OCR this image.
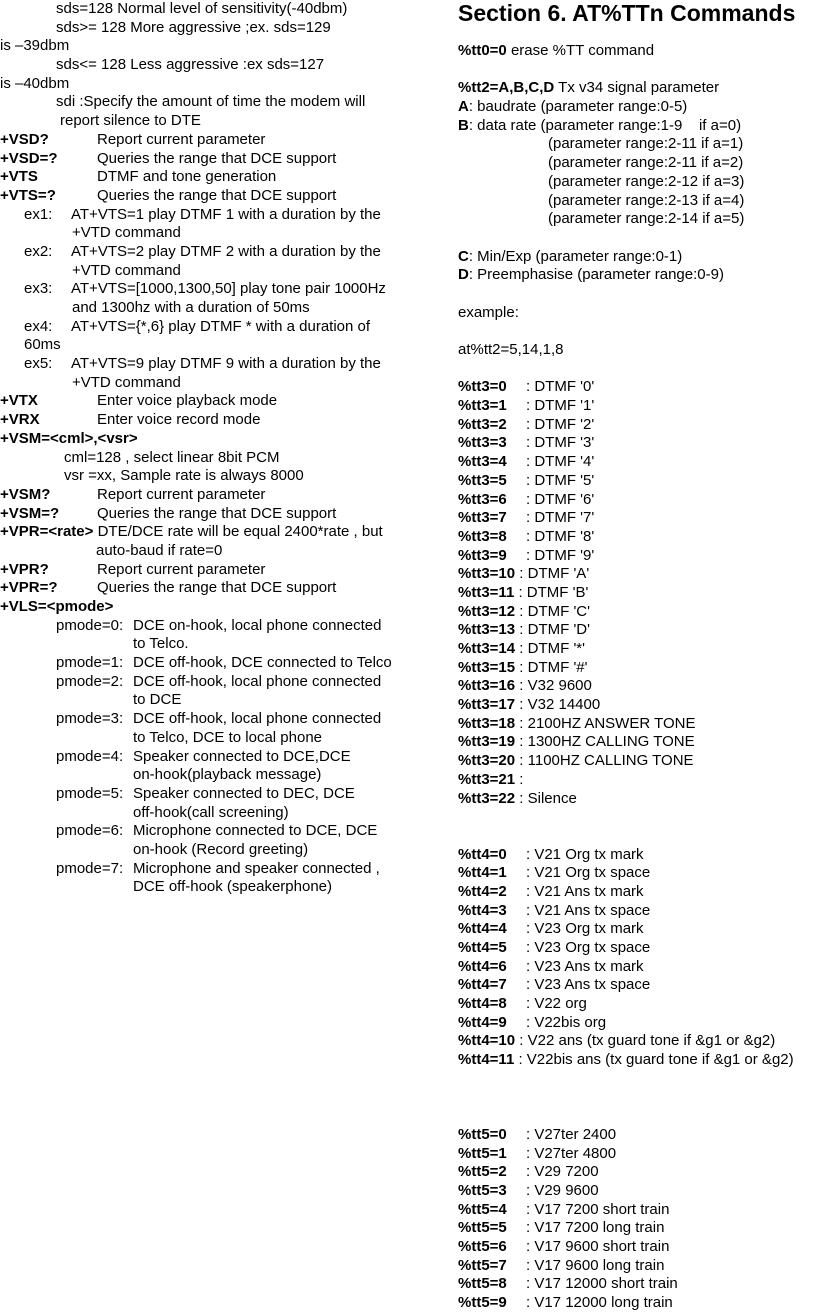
sds=128 Normal level of sensitivity(-40dbm)
sds>= 128 More aggressive ;ex. sds=129
is –39dbm
sds<= 128 Less aggressive :ex sds=127
is –40dbm
sdi :Specify the amount of time the modem will
report silence to DTE
+VSD?	Report current parameter
+VSD=?	Queries the range that DCE support
+VTS	DTMF and tone generation
+VTS=?	Queries the range that DCE support
ex1: AT+VTS=1 play DTMF 1 with a duration by the
+VTD command
ex2: AT+VTS=2 play DTMF 2 with a duration by the
+VTD command
ex3: AT+VTS=[1000,1300,50] play tone pair 1000Hz
and 1300hz with a duration of 50ms
ex4: AT+VTS={*,6} play DTMF * with a duration of
60ms
ex5: AT+VTS=9 play DTMF 9 with a duration by the
+VTD command
+VTX	Enter voice playback mode
+VRX	Enter voice record mode
+VSM=<cml>,<vsr>
cml=128 , select linear 8bit PCM
vsr =xx, Sample rate is always 8000
+VSM?	Report current parameter
+VSM=?	Queries the range that DCE support
+VPR=<rate> DTE/DCE rate will be equal 2400*rate , but
auto-baud if rate=0
+VPR?	Report current parameter
+VPR=?	Queries the range that DCE support
+VLS=<pmode>
pmode=0: DCE on-hook, local phone connected
to Telco.
pmode=1: DCE off-hook, DCE connected to Telco
pmode=2: DCE off-hook, local phone connected
to DCE
pmode=3: DCE off-hook, local phone connected
to Telco, DCE to local phone
pmode=4: Speaker connected to DCE,DCE
on-hook(playback message)
pmode=5: Speaker connected to DEC, DCE
off-hook(call screening)
pmode=6: Microphone connected to DCE, DCE
on-hook (Record greeting)
pmode=7: Microphone and speaker connected ,
DCE off-hook (speakerphone)
Section 6. AT%TTn Commands
%tt0=0 erase %TT command
%tt2=A,B,C,D Tx v34 signal parameter
A: baudrate (parameter range:0-5)
B: data rate (parameter range:1-9    if a=0)
(parameter range:2-11 if a=1)
(parameter range:2-11 if a=2)
(parameter range:2-12 if a=3)
(parameter range:2-13 if a=4)
(parameter range:2-14 if a=5)
C: Min/Exp (parameter range:0-1)
D: Preemphasise (parameter range:0-9)
example:
at%tt2=5,14,1,8
%tt3=0 : DTMF '0'
%tt3=1 : DTMF '1'
%tt3=2 : DTMF '2'
%tt3=3 : DTMF '3'
%tt3=4 : DTMF '4'
%tt3=5 : DTMF '5'
%tt3=6 : DTMF '6'
%tt3=7 : DTMF '7'
%tt3=8 : DTMF '8'
%tt3=9 : DTMF '9'
%tt3=10 : DTMF 'A'
%tt3=11 : DTMF 'B'
%tt3=12 : DTMF 'C'
%tt3=13 : DTMF 'D'
%tt3=14 : DTMF '*'
%tt3=15 : DTMF '#'
%tt3=16 : V32 9600
%tt3=17 : V32 14400
%tt3=18 : 2100HZ ANSWER TONE
%tt3=19 : 1300HZ CALLING TONE
%tt3=20 : 1100HZ CALLING TONE
%tt3=21 :
%tt3=22 : Silence
%tt4=0 : V21 Org tx mark
%tt4=1 : V21 Org tx space
%tt4=2 : V21 Ans tx mark
%tt4=3 : V21 Ans tx space
%tt4=4 : V23 Org tx mark
%tt4=5 : V23 Org tx space
%tt4=6 : V23 Ans tx mark
%tt4=7 : V23 Ans tx space
%tt4=8 : V22 org
%tt4=9 : V22bis org
%tt4=10 : V22 ans (tx guard tone if &g1 or &g2)
%tt4=11 : V22bis ans (tx guard tone if &g1 or &g2)
%tt5=0 : V27ter 2400
%tt5=1 : V27ter 4800
%tt5=2 : V29 7200
%tt5=3 : V29 9600
%tt5=4 : V17 7200 short train
%tt5=5 : V17 7200 long train
%tt5=6 : V17 9600 short train
%tt5=7 : V17 9600 long train
%tt5=8 : V17 12000 short train
%tt5=9 : V17 12000 long train
